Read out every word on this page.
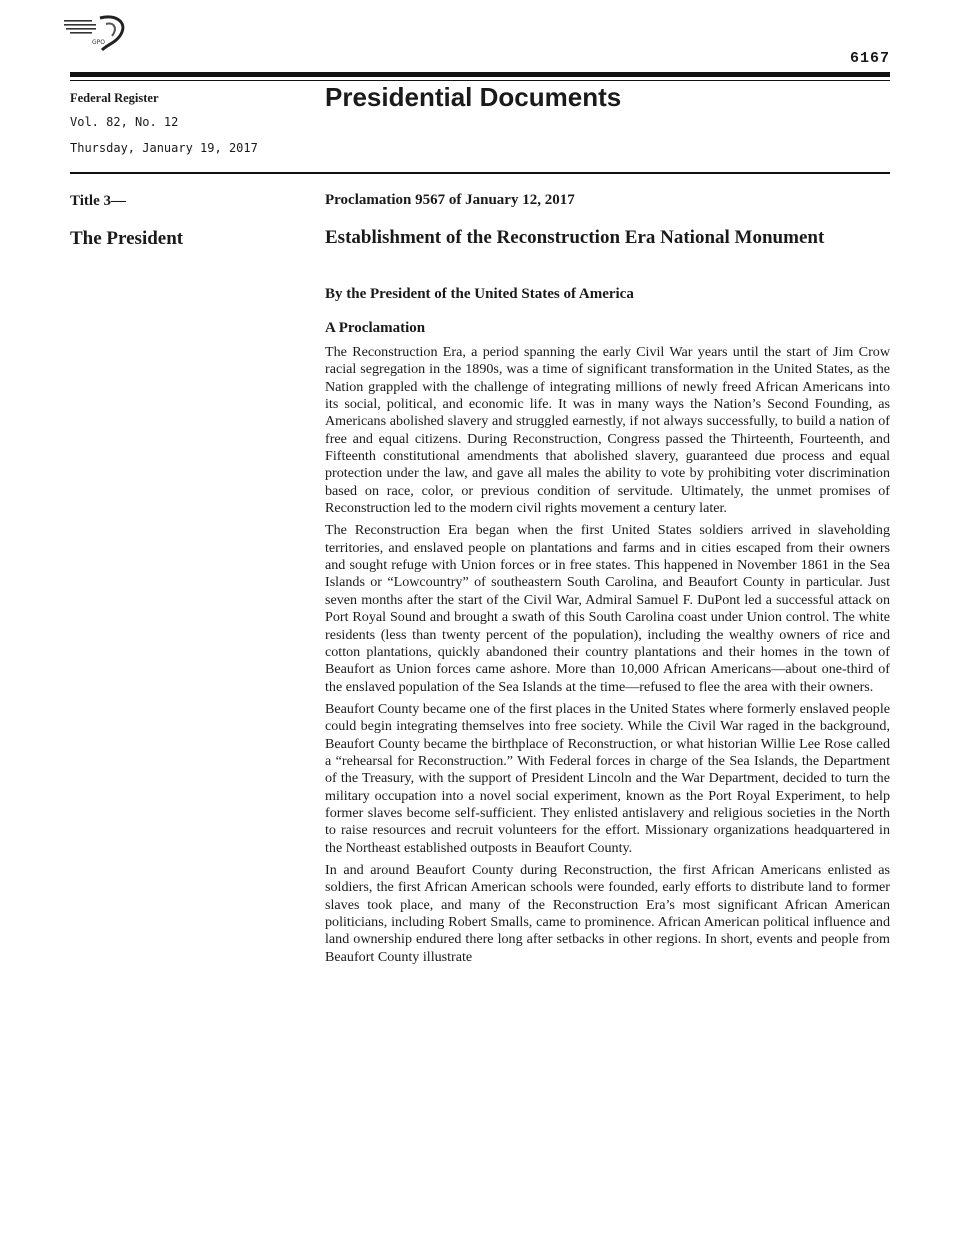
GPO
6167
Federal Register
Vol. 82, No. 12
Thursday, January 19, 2017
Presidential Documents
Title 3—
The President
Proclamation 9567 of January 12, 2017
Establishment of the Reconstruction Era National Monument
By the President of the United States of America
A Proclamation

The Reconstruction Era, a period spanning the early Civil War years until the start of Jim Crow racial segregation in the 1890s, was a time of significant transformation in the United States, as the Nation grappled with the challenge of integrating millions of newly freed African Americans into its social, political, and economic life. It was in many ways the Nation’s Second Founding, as Americans abolished slavery and struggled earnestly, if not always successfully, to build a nation of free and equal citizens. During Reconstruction, Congress passed the Thirteenth, Fourteenth, and Fifteenth constitutional amendments that abolished slavery, guaranteed due process and equal protection under the law, and gave all males the ability to vote by prohibiting voter discrimination based on race, color, or previous condition of servitude. Ultimately, the unmet promises of Reconstruction led to the modern civil rights movement a century later.

The Reconstruction Era began when the first United States soldiers arrived in slaveholding territories, and enslaved people on plantations and farms and in cities escaped from their owners and sought refuge with Union forces or in free states. This happened in November 1861 in the Sea Islands or “Lowcountry” of southeastern South Carolina, and Beaufort County in particular. Just seven months after the start of the Civil War, Admiral Samuel F. DuPont led a successful attack on Port Royal Sound and brought a swath of this South Carolina coast under Union control. The white residents (less than twenty percent of the population), including the wealthy owners of rice and cotton plantations, quickly abandoned their country plantations and their homes in the town of Beaufort as Union forces came ashore. More than 10,000 African Americans—about one-third of the enslaved population of the Sea Islands at the time—refused to flee the area with their owners.

Beaufort County became one of the first places in the United States where formerly enslaved people could begin integrating themselves into free society. While the Civil War raged in the background, Beaufort County became the birthplace of Reconstruction, or what historian Willie Lee Rose called a “rehearsal for Reconstruction.” With Federal forces in charge of the Sea Islands, the Department of the Treasury, with the support of President Lincoln and the War Department, decided to turn the military occupation into a novel social experiment, known as the Port Royal Experiment, to help former slaves become self-sufficient. They enlisted antislavery and religious societies in the North to raise resources and recruit volunteers for the effort. Missionary organizations headquartered in the Northeast established outposts in Beaufort County.

In and around Beaufort County during Reconstruction, the first African Americans enlisted as soldiers, the first African American schools were founded, early efforts to distribute land to former slaves took place, and many of the Reconstruction Era’s most significant African American politicians, including Robert Smalls, came to prominence. African American political influence and land ownership endured there long after setbacks in other regions. In short, events and people from Beaufort County illustrate
